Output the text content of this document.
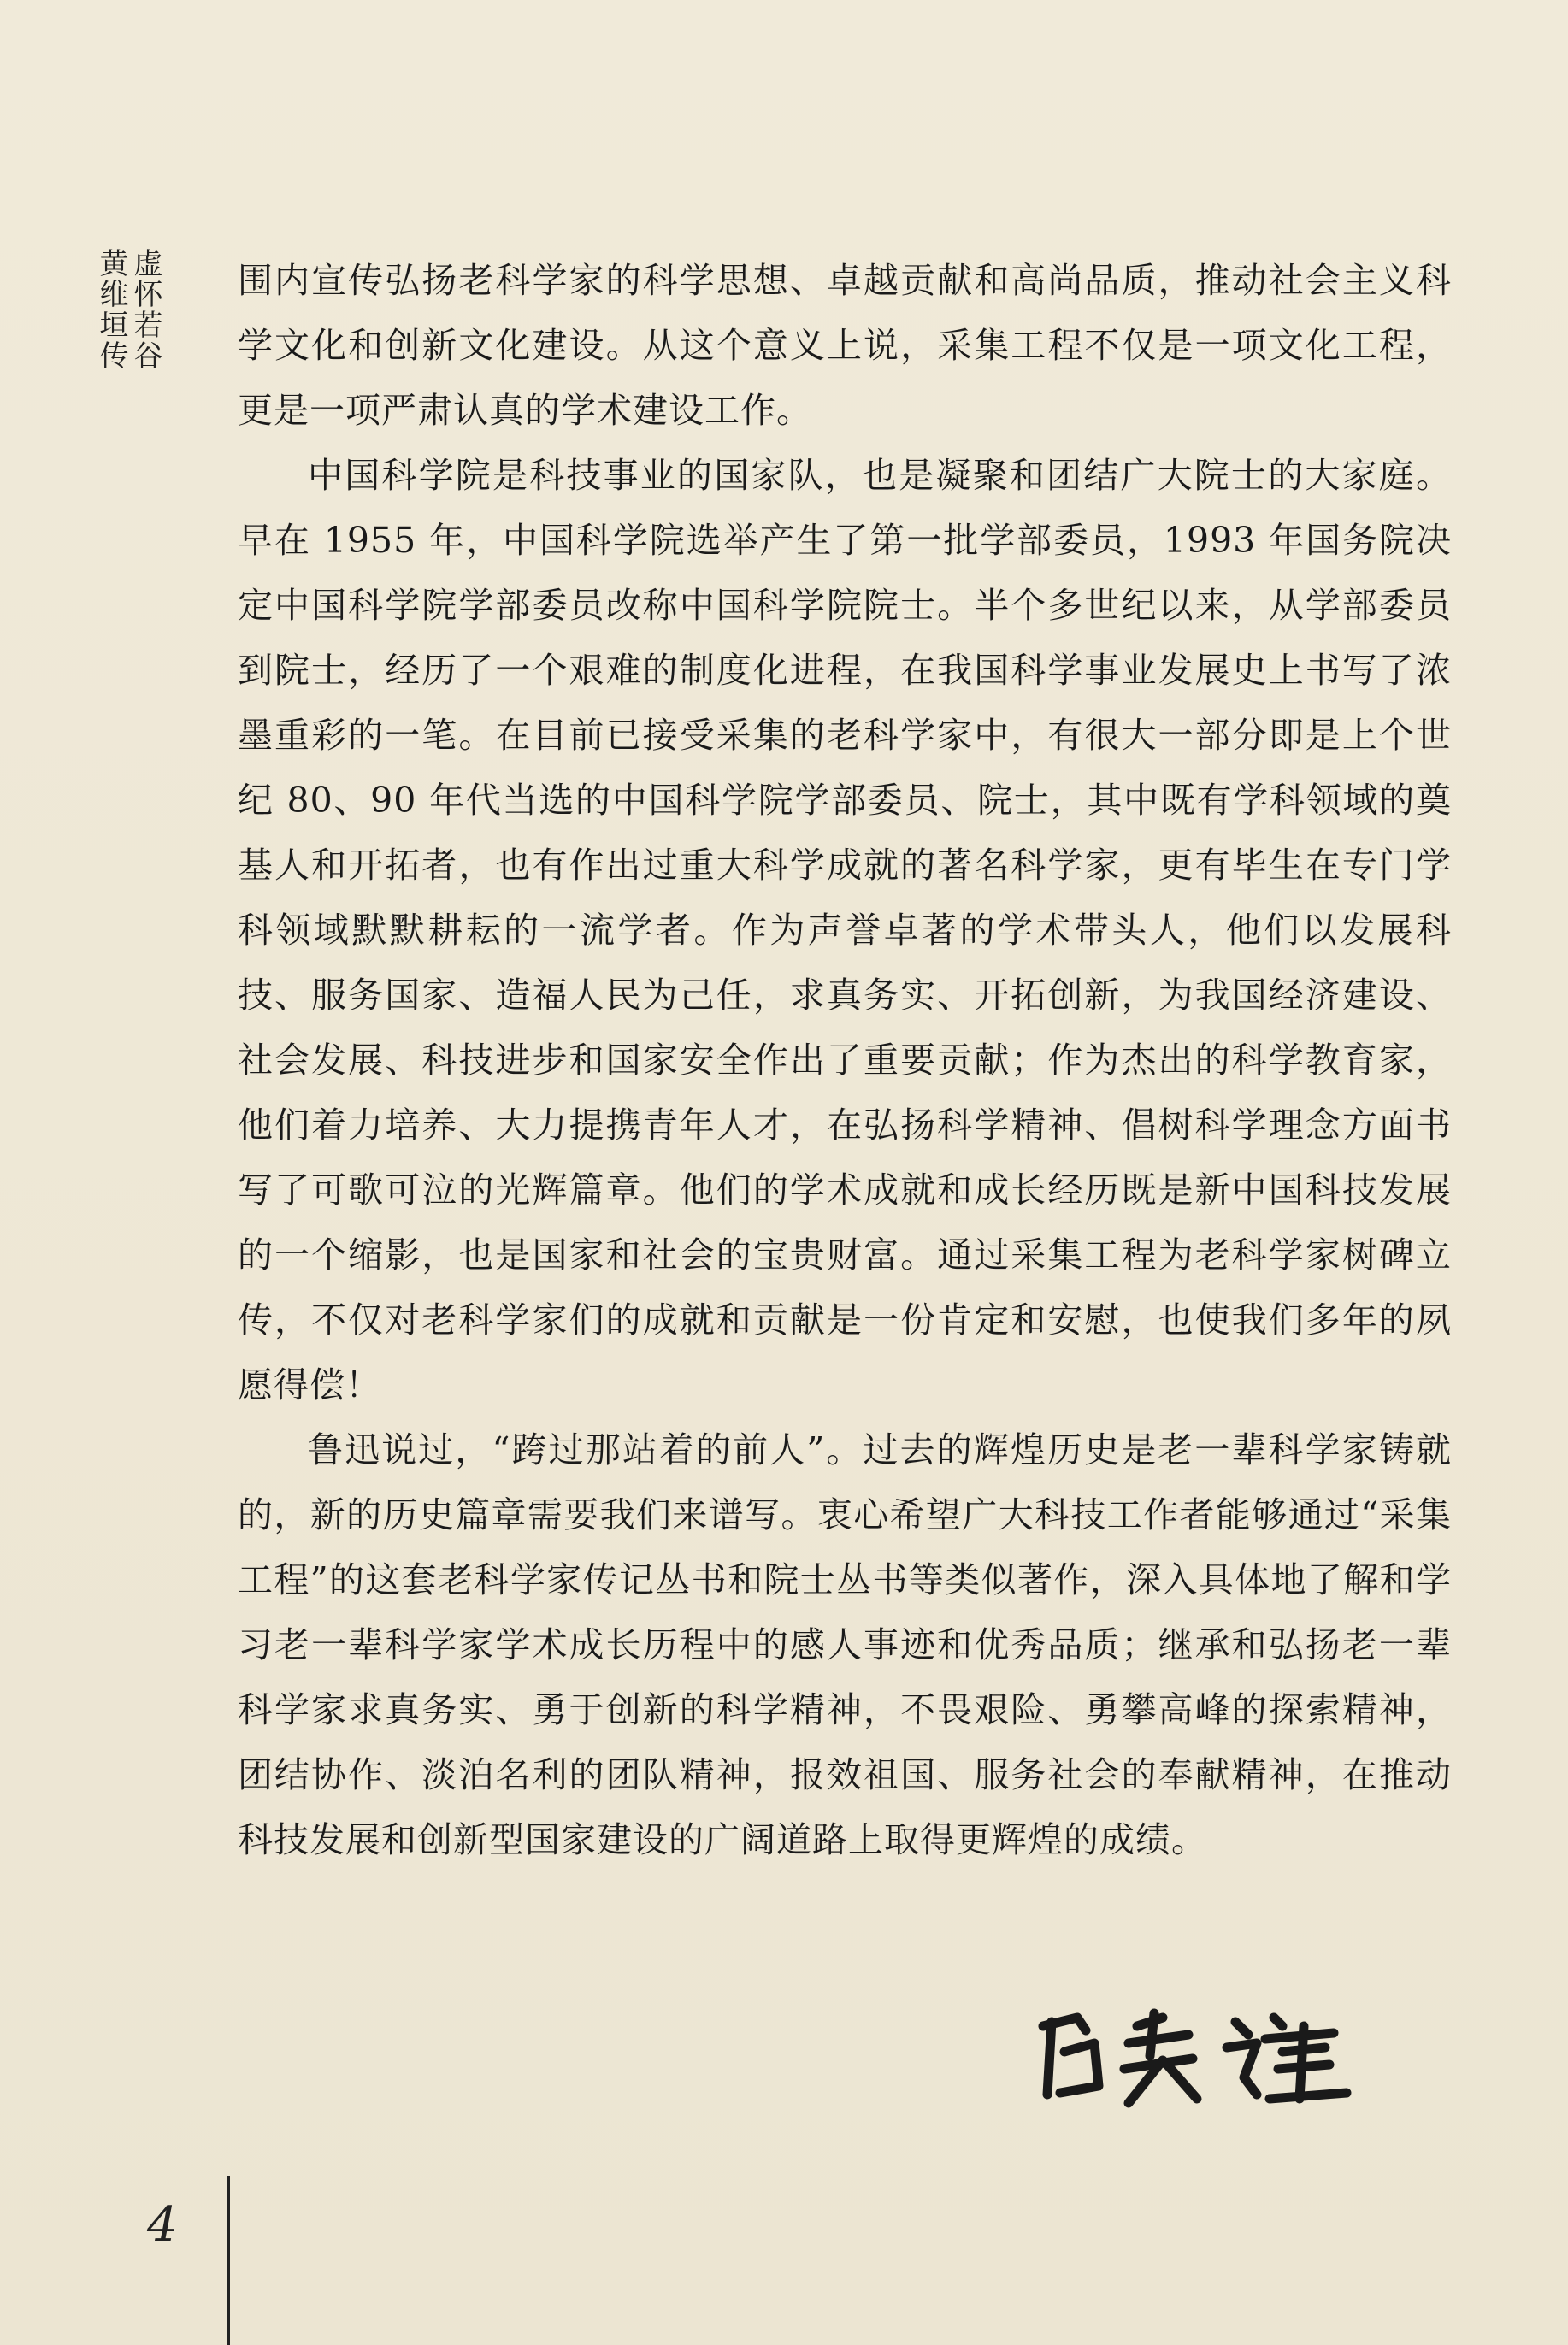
虚怀若谷
黄维垣传	围内宣传弘扬老科学家的科学思想、卓越贡献和高尚品质，推动社会主义科学文化和创新文化建设。从这个意义上说，采集工程不仅是一项文化工程，更是一项严肃认真的学术建设工作。

中国科学院是科技事业的国家队，也是凝聚和团结广大院士的大家庭。早在 1955 年，中国科学院选举产生了第一批学部委员，1993 年国务院决定中国科学院学部委员改称中国科学院院士。半个多世纪以来，从学部委员到院士，经历了一个艰难的制度化进程，在我国科学事业发展史上书写了浓墨重彩的一笔。在目前已接受采集的老科学家中，有很大一部分即是上个世纪 80、90 年代当选的中国科学院学部委员、院士，其中既有学科领域的奠基人和开拓者，也有作出过重大科学成就的著名科学家，更有毕生在专门学科领域默默耕耘的一流学者。作为声誉卓著的学术带头人，他们以发展科技、服务国家、造福人民为己任，求真务实、开拓创新，为我国经济建设、社会发展、科技进步和国家安全作出了重要贡献；作为杰出的科学教育家，他们着力培养、大力提携青年人才，在弘扬科学精神、倡树科学理念方面书写了可歌可泣的光辉篇章。他们的学术成就和成长经历既是新中国科技发展的一个缩影，也是国家和社会的宝贵财富。通过采集工程为老科学家树碑立传，不仅对老科学家们的成就和贡献是一份肯定和安慰，也使我们多年的夙愿得偿！

鲁迅说过，“跨过那站着的前人”。过去的辉煌历史是老一辈科学家铸就的，新的历史篇章需要我们来谱写。衷心希望广大科技工作者能够通过“采集工程”的这套老科学家传记丛书和院士丛书等类似著作，深入具体地了解和学习老一辈科学家学术成长历程中的感人事迹和优秀品质；继承和弘扬老一辈科学家求真务实、勇于创新的科学精神，不畏艰险、勇攀高峰的探索精神，团结协作、淡泊名利的团队精神，报效祖国、服务社会的奉献精神，在推动科技发展和创新型国家建设的广阔道路上取得更辉煌的成绩。

4
